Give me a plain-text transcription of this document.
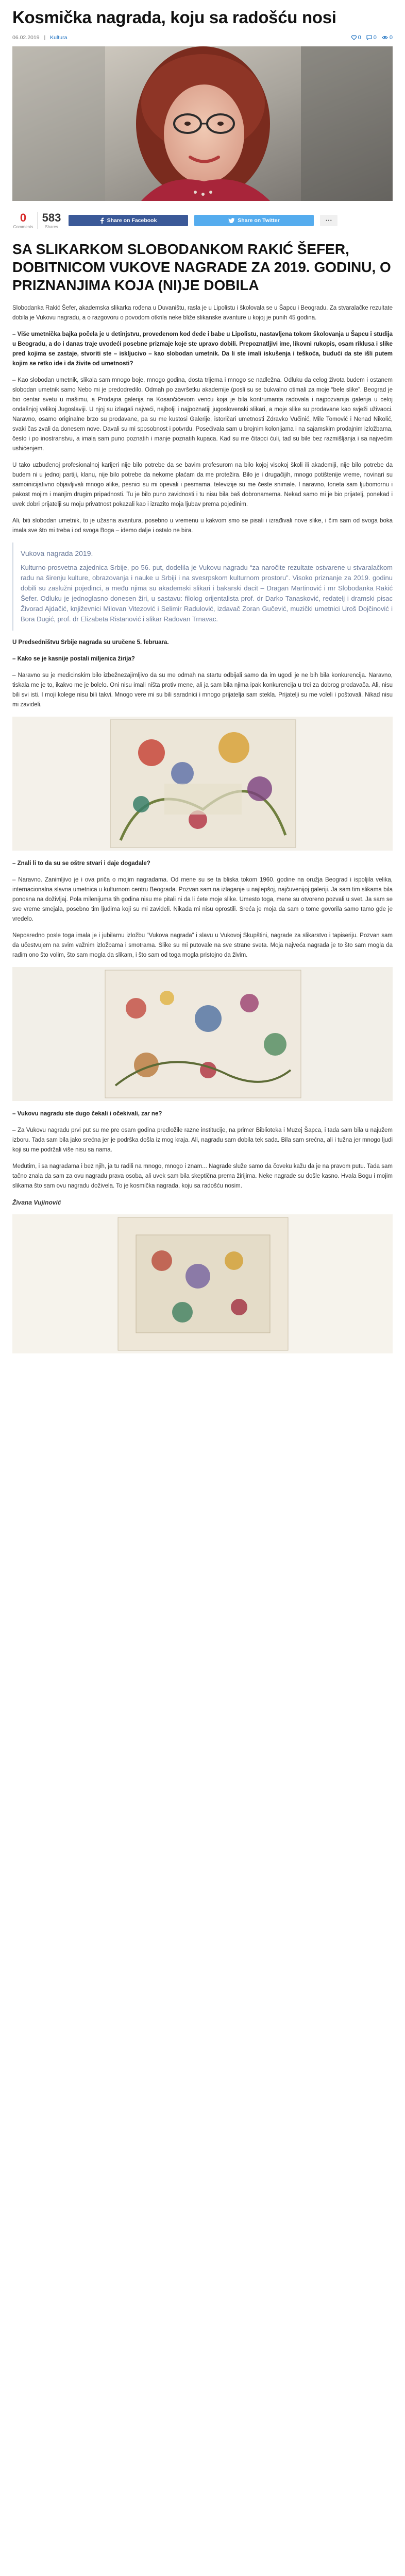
Kosmička nagrada, koju sa radošću nosi
06.02.2019 | Kultura	0 0 0
0
Comments
583
Shares
Share on Facebook	Share on Twitter	⋯
SA SLIKARKOM SLOBODANKOM RAKIĆ ŠEFER, DOBITNICOM VUKOVE NAGRADE ZA 2019. GODINU, O PRIZNANJIMA KOJA (NI)JE DOBILA

Slobodanka Rakić Šefer, akademska slikarka rođena u Duvaništu, rasla je u Lipolistu i školovala se u Šapcu i Beogradu. Za stvaralačke rezultate dobila je Vukovu nagradu, a o razgovoru o povodom otkrila neke bliže slikanske avanture u kojoj je punih 45 godina.

– Više umetnička bajka počela je u detinjstvu, provedenom kod dede i babe u Lipolistu, nastavljena tokom školovanja u Šapcu i studija u Beogradu, a do i danas traje uvodeći posebne prizmaje koje ste upravo dobili. Prepoznatljivi ime, likovni rukopis, osam riklusa i slike pred kojima se zastaje, stvoriti ste – iskljucivo – kao slobodan umetnik. Da li ste imali iskušenja i teškoća, budući da ste išli putem kojim se retko ide i da živite od umetnosti?

– Kao slobodan umetnik, slikala sam mnogo boje, mnogo godina, dosta trijema i mnogo se nadležna. Odluku da celog života budem i ostanem slobodan umetnik samo Nebo mi je predodredilo. Odmah po završetku akademije (posli su se bukvalno otimali za moje “bele slike”. Beograd je bio centar svetu u mašimu, a Prodajna galerija na Kosančićevom vencu koja je bila kontrumanta radovala i najpozvanija galerija u celoj ondašnjoj velikoj Jugoslaviji. U njoj su izlagali najveći, najbolji i najpoznatiji jugoslovenski slikari, a moje slike su prodavane kao svježi uživaoci. Naravno, osamo originalne brzo su prodavane, pa su me kustosi Galerije, istoričari umetnosti Zdravko Vučinić, Mile Tomović i Nenad Nikolić, svaki čas zvali da donesem nove. Davali su mi sposobnost i potvrdu. Posećivala sam u brojnim kolonijama i na sajamskim prodajnim izložbama, često i po inostranstvu, a imala sam puno poznatih i manje poznatih kupaca. Kad su me čitaoci ćuli, tad su bile bez razmišljanja i sa najvećim ushićenjem.

U tako uzbuđenoj profesionalnoj karijeri nije bilo potrebe da se bavim profesurom na bilo kojoj visokoj školi ili akademiji, nije bilo potrebe da budem ni u jednoj partiji, klanu, nije bilo potrebe da nekome plaćam da me protežira. Bilo je i drugačijih, mnogo potištenije vreme, novinari su samoinicijativno objavljivali mnogo alike, pesnici su mi opevali i pesmama, televizije su me česte snimale. I naravno, toneta sam ljubomornu i pakost mojim i manjim drugim pripadnosti. Tu je bilo puno zavidnosti i tu nisu bila baš dobronamerna. Nekad samo mi je bio prijatelj, ponekad i uvek dobri prijatelji su moju privatnost pokazali kao i izrazito moja ljubav prema pojedinim.

Ali, biti slobodan umetnik, to je užasna avantura, posebno u vremenu u kakvom smo se pisali i izrađivali nove slike, i čim sam od svoga boka imala sve što mi treba i od svoga Boga – idemo dalje i ostalo ne bira.

Vukova nagrada 2019.
Kulturno-prosvetna zajednica Srbije, po 56. put, dodelila je Vukovu nagradu “za naročite rezultate ostvarene u stvaralačkom radu na širenju kulture, obrazovanja i nauke u Srbiji i na svesrpskom kulturnom prostoru”. Visoko priznanje za 2019. godinu dobili su zaslužni pojedinci, a među njima su akademski slikari i bakarski dacit – Dragan Martinović i mr Slobodanka Rakić Šefer. Odluku je jednoglasno donesen žiri, u sastavu: filolog orijentalista prof. dr Darko Tanasković, redatelj i dramski pisac Živorad Ajdačić, književnici Milovan Vitezović i Selimir Radulović, izdavač Zoran Gučević, muzički umetnici Uroš Dojčinović i Bora Dugić, prof. dr Elizabeta Ristanović i slikar Radovan Trnavac.

U Predsedništvu Srbije nagrada su uručene 5. februara.

– Kako se je kasnije postali miljenica žirija?

– Naravno su je medicinskim bilo izbežnezajimljivo da su me odmah na startu odbijali samo da im ugodi je ne bih bila konkurencija. Naravno, tiskala me je to, ikakvo me je bolelo. Oni nisu imali ništa protiv mene, ali ja sam bila njima ipak konkurencija u trci za dobrog prodavača. Ali, nisu bili svi isti. I moji kolege nisu bili takvi. Mnogo vere mi su bili saradnici i mnogo prijatelja sam stekla. Prijatelji su me voleli i poštovali. Nikad nisu mi zavideli.

– Znali li to da su se oštre stvari i daje događale?

– Naravno. Zanimljivo je i ova priča o mojim nagradama. Od mene su se ta bliska tokom 1960. godine na oružja Beograd i ispoljila velika, internacionalna slavna umetnica u kulturnom centru Beograda. Pozvan sam na izlaganje u najlepšoj, najčuvenijoj galeriji. Ja sam tim slikama bila ponosna na doživljaj. Pola milenijuma tih godina nisu me pitali ni da li ćete moje slike. Umesto toga, mene su otvoreno pozvali u svet. Ja sam se sve vreme smejala, posebno tim ljudima koji su mi zavideli. Nikada mi nisu oprostili. Sreća je moja da sam o tome govorila samo tamo gde je vredelo.

Neposredno posle toga imala je i jubilarnu izložbu “Vukova nagrada” i slavu u Vukovoj Skupštini, nagrade za slikarstvo i tapiseriju. Pozvan sam da učestvujem na svim važnim izložbama i smotrama. Slike su mi putovale na sve strane sveta. Moja najveća nagrada je to što sam mogla da radim ono što volim, što sam mogla da slikam, i što sam od toga mogla pristojno da živim.

– Vukovu nagradu ste dugo čekali i očekivali, zar ne?

– Za Vukovu nagradu prvi put su me pre osam godina predložile razne institucije, na primer Biblioteka i Muzej Šapca, i tada sam bila u najužem izboru. Tada sam bila jako srećna jer je podrška došla iz mog kraja. Ali, nagradu sam dobila tek sada. Bila sam srećna, ali i tužna jer mnogo ljudi koji su me podržali više nisu sa nama.

Međutim, i sa nagradama i bez njih, ja tu radili na mnogo, mnogo i znam... Nagrade služe samo da čoveku kažu da je na pravom putu. Tada sam tačno znala da sam za ovu nagradu prava osoba, ali uvek sam bila skeptična prema žirijima. Neke nagrade su došle kasno. Hvala Bogu i mojim slikama što sam ovu nagradu doživela. To je kosmička nagrada, koju sa radošću nosim.

Živana Vujinović
